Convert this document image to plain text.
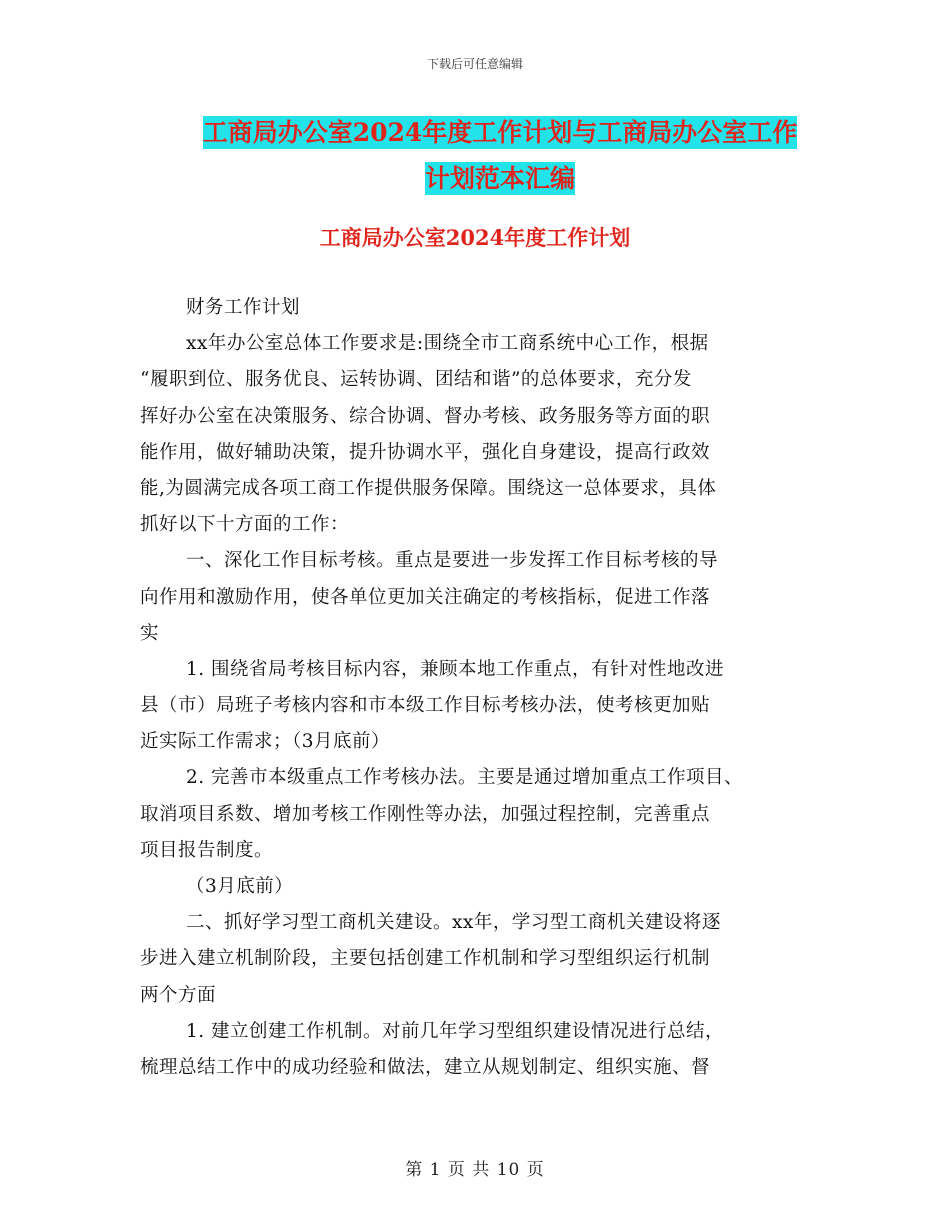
下载后可任意编辑
工商局办公室2024年度工作计划与工商局办公室工作
计划范本汇编
工商局办公室2024年度工作计划
财务工作计划
xx年办公室总体工作要求是:围绕全市工商系统中心工作，根据
“履职到位、服务优良、运转协调、团结和谐”的总体要求，充分发
挥好办公室在决策服务、综合协调、督办考核、政务服务等方面的职
能作用，做好辅助决策，提升协调水平，强化自身建设，提高行政效
能,为圆满完成各项工商工作提供服务保障。围绕这一总体要求，具体
抓好以下十方面的工作：
一、深化工作目标考核。重点是要进一步发挥工作目标考核的导
向作用和激励作用，使各单位更加关注确定的考核指标，促进工作落
实
1. 围绕省局考核目标内容，兼顾本地工作重点，有针对性地改进
县（市）局班子考核内容和市本级工作目标考核办法，使考核更加贴
近实际工作需求；（3月底前）
2. 完善市本级重点工作考核办法。主要是通过增加重点工作项目、
取消项目系数、增加考核工作刚性等办法，加强过程控制，完善重点
项目报告制度。
（3月底前）
二、抓好学习型工商机关建设。xx年，学习型工商机关建设将逐
步进入建立机制阶段，主要包括创建工作机制和学习型组织运行机制
两个方面
1. 建立创建工作机制。对前几年学习型组织建设情况进行总结，
梳理总结工作中的成功经验和做法，建立从规划制定、组织实施、督
第 1 页 共 10 页
